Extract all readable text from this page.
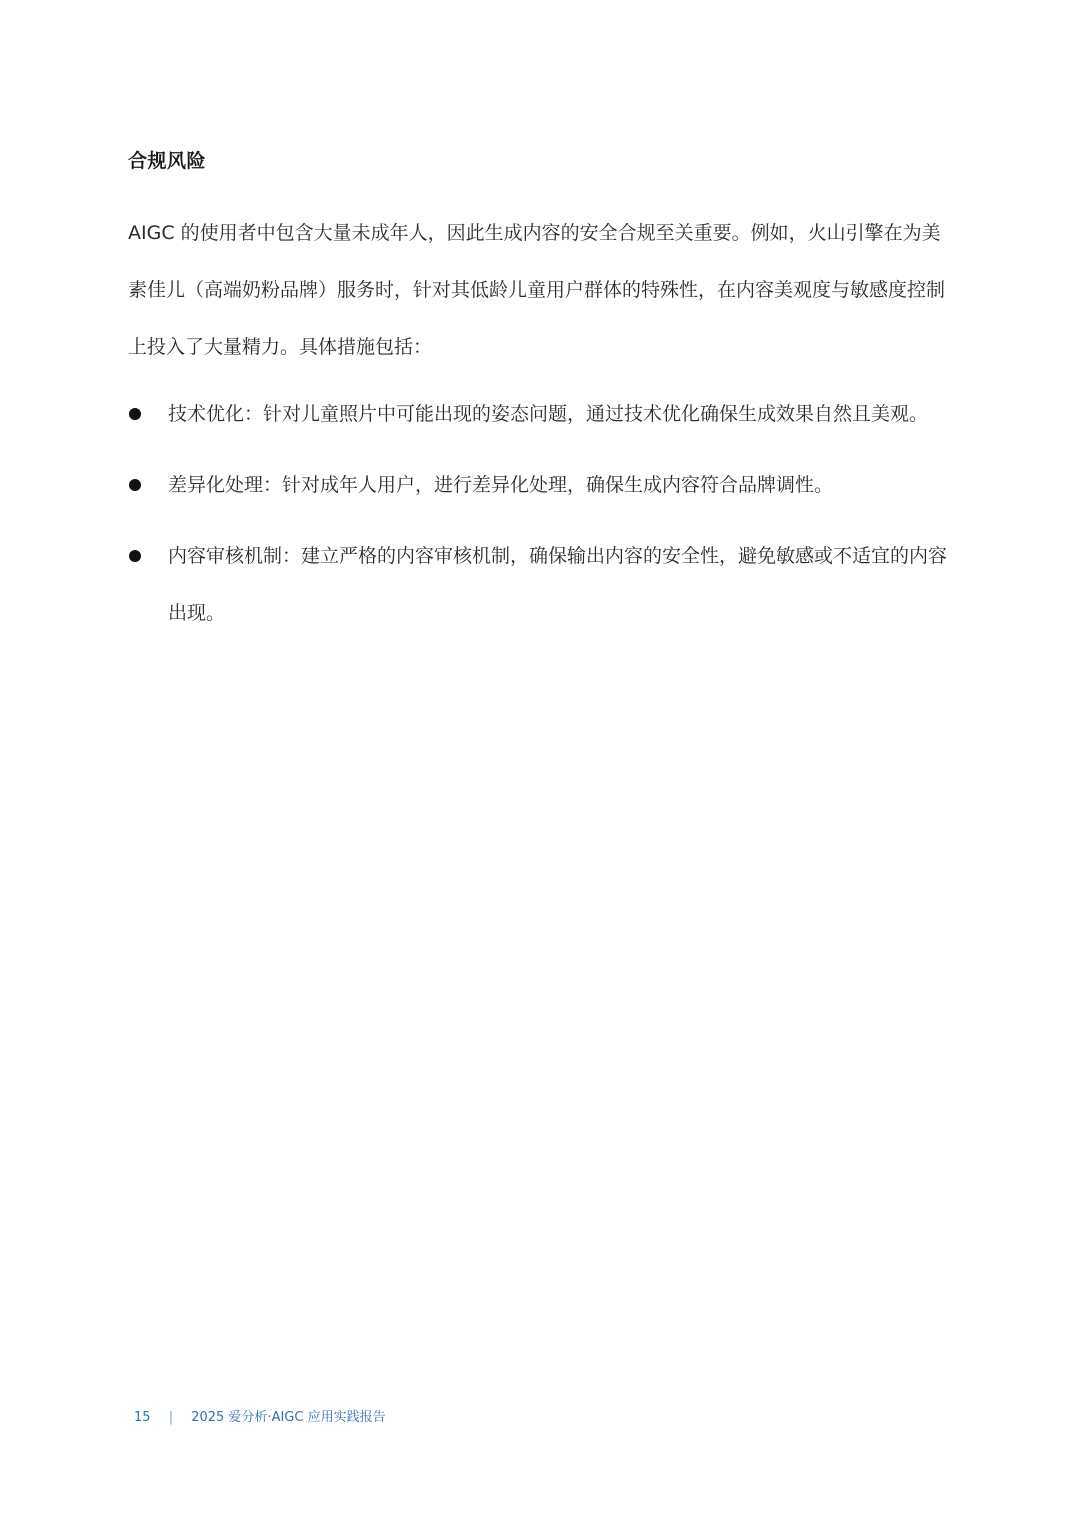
合规风险
AIGC 的使用者中包含大量未成年人，因此生成内容的安全合规至关重要。例如，火山引擎在为美素佳儿（高端奶粉品牌）服务时，针对其低龄儿童用户群体的特殊性，在内容美观度与敏感度控制上投入了大量精力。具体措施包括：
技术优化：针对儿童照片中可能出现的姿态问题，通过技术优化确保生成效果自然且美观。
差异化处理：针对成年人用户，进行差异化处理，确保生成内容符合品牌调性。
内容审核机制：建立严格的内容审核机制，确保输出内容的安全性，避免敏感或不适宜的内容出现。
15 | 2025 爱分析·AIGC 应用实践报告
